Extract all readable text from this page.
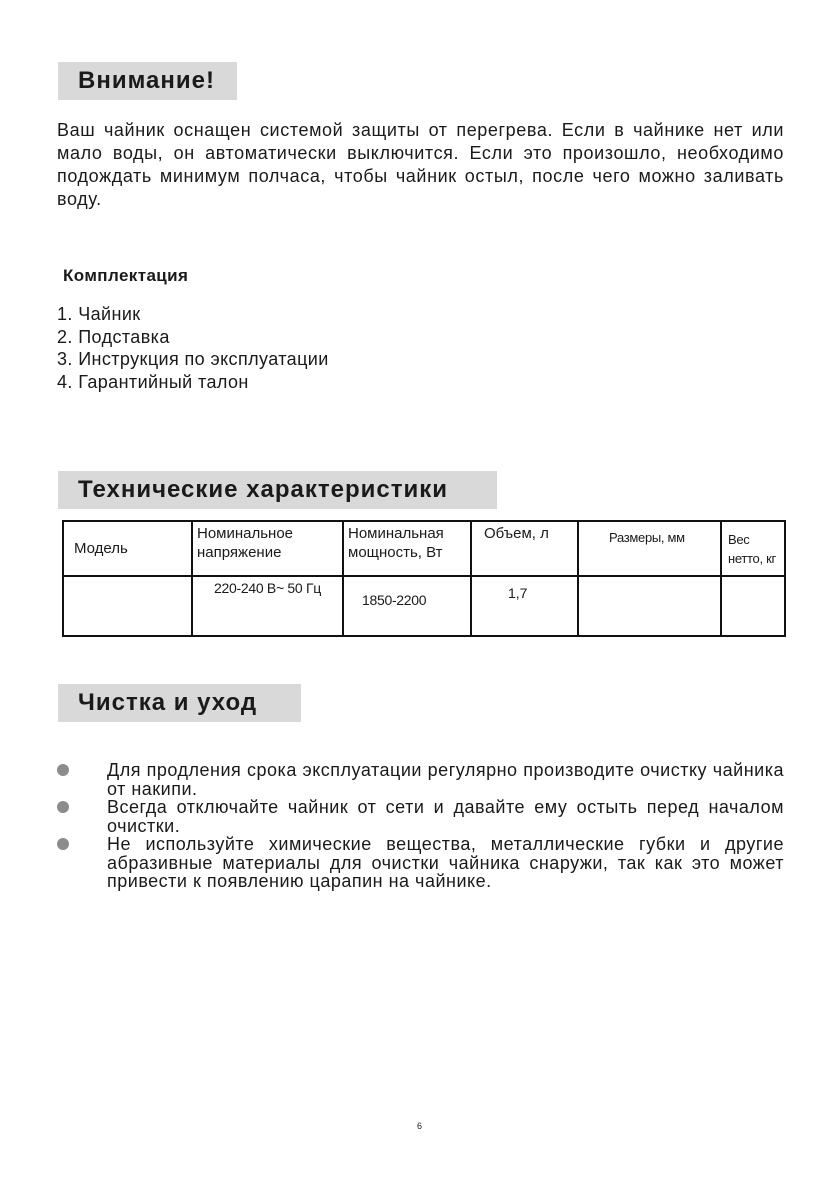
Внимание!
Ваш чайник оснащен системой защиты от перегрева. Если в чайнике нет или мало воды, он автоматически выключится. Если это произошло, необходимо подождать минимум полчаса, чтобы чайник остыл, после чего можно заливать воду.
Комплектация
1. Чайник
2. Подставка
3. Инструкция по эксплуатации
4. Гарантийный талон
Технические характеристики
Модель	Номинальное напряжение	Номинальная мощность, Вт	Объем, л	Размеры, мм	Вес нетто, кг
	220-240 В~ 50 Гц	1850-2200	1,7		
Чистка и уход
Для продления срока эксплуатации регулярно производите очистку чайника от накипи.
Всегда отключайте чайник от сети и давайте ему остыть перед началом очистки.
Не используйте химические вещества, металлические губки и другие абразивные материалы для очистки чайника снаружи, так как это может привести к появлению царапин на чайнике.
6
